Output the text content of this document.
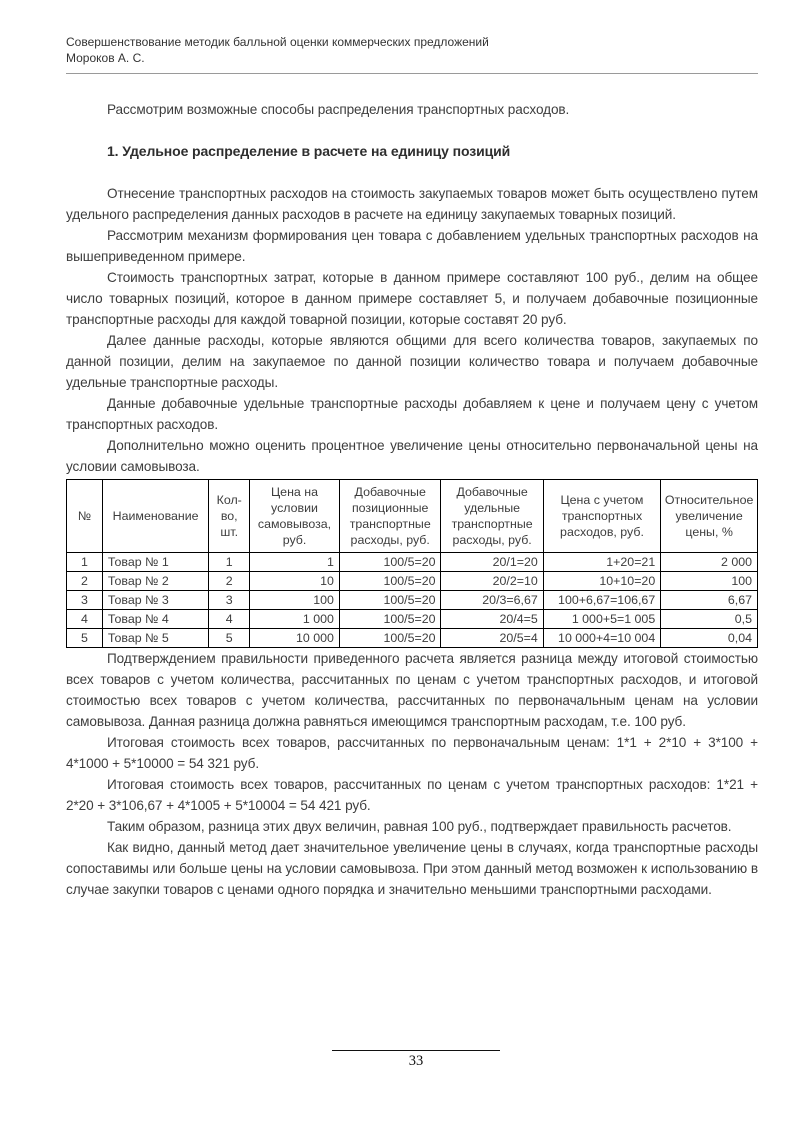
Совершенствование методик балльной оценки коммерческих предложений
Мороков А. С.

Рассмотрим возможные способы распределения транспортных расходов.

1. Удельное распределение в расчете на единицу позиций

Отнесение транспортных расходов на стоимость закупаемых товаров может быть осуществлено путем удельного распределения данных расходов в расчете на единицу закупаемых товарных позиций.

Рассмотрим механизм формирования цен товара с добавлением удельных транспортных расходов на вышеприведенном примере.

Стоимость транспортных затрат, которые в данном примере составляют 100 руб., делим на общее число товарных позиций, которое в данном примере составляет 5, и получаем добавочные позиционные транспортные расходы для каждой товарной позиции, которые составят 20 руб.

Далее данные расходы, которые являются общими для всего количества товаров, закупаемых по данной позиции, делим на закупаемое по данной позиции количество товара и получаем добавочные удельные транспортные расходы.

Данные добавочные удельные транспортные расходы добавляем к цене и получаем цену с учетом транспортных расходов.

Дополнительно можно оценить процентное увеличение цены относительно первоначальной цены на условии самовывоза.

№	Наименование	Кол-во, шт.	Цена на условии самовывоза, руб.	Добавочные позиционные транспортные расходы, руб.	Добавочные удельные транспортные расходы, руб.	Цена с учетом транспортных расходов, руб.	Относительное увеличение цены, %
1	Товар № 1	1	1	100/5=20	20/1=20	1+20=21	2 000
2	Товар № 2	2	10	100/5=20	20/2=10	10+10=20	100
3	Товар № 3	3	100	100/5=20	20/3=6,67	100+6,67=106,67	6,67
4	Товар № 4	4	1 000	100/5=20	20/4=5	1 000+5=1 005	0,5
5	Товар № 5	5	10 000	100/5=20	20/5=4	10 000+4=10 004	0,04

Подтверждением правильности приведенного расчета является разница между итоговой стоимостью всех товаров с учетом количества, рассчитанных по ценам с учетом транспортных расходов, и итоговой стоимостью всех товаров с учетом количества, рассчитанных по первоначальным ценам на условии самовывоза. Данная разница должна равняться имеющимся транспортным расходам, т.е. 100 руб.

Итоговая стоимость всех товаров, рассчитанных по первоначальным ценам: 1*1 + 2*10 + 3*100 + 4*1000 + 5*10000 = 54 321 руб.

Итоговая стоимость всех товаров, рассчитанных по ценам с учетом транспортных расходов: 1*21 + 2*20 + 3*106,67 + 4*1005 + 5*10004 = 54 421 руб.

Таким образом, разница этих двух величин, равная 100 руб., подтверждает правильность расчетов.

Как видно, данный метод дает значительное увеличение цены в случаях, когда транспортные расходы сопоставимы или больше цены на условии самовывоза. При этом данный метод возможен к использованию в случае закупки товаров с ценами одного порядка и значительно меньшими транспортными расходами.

33
